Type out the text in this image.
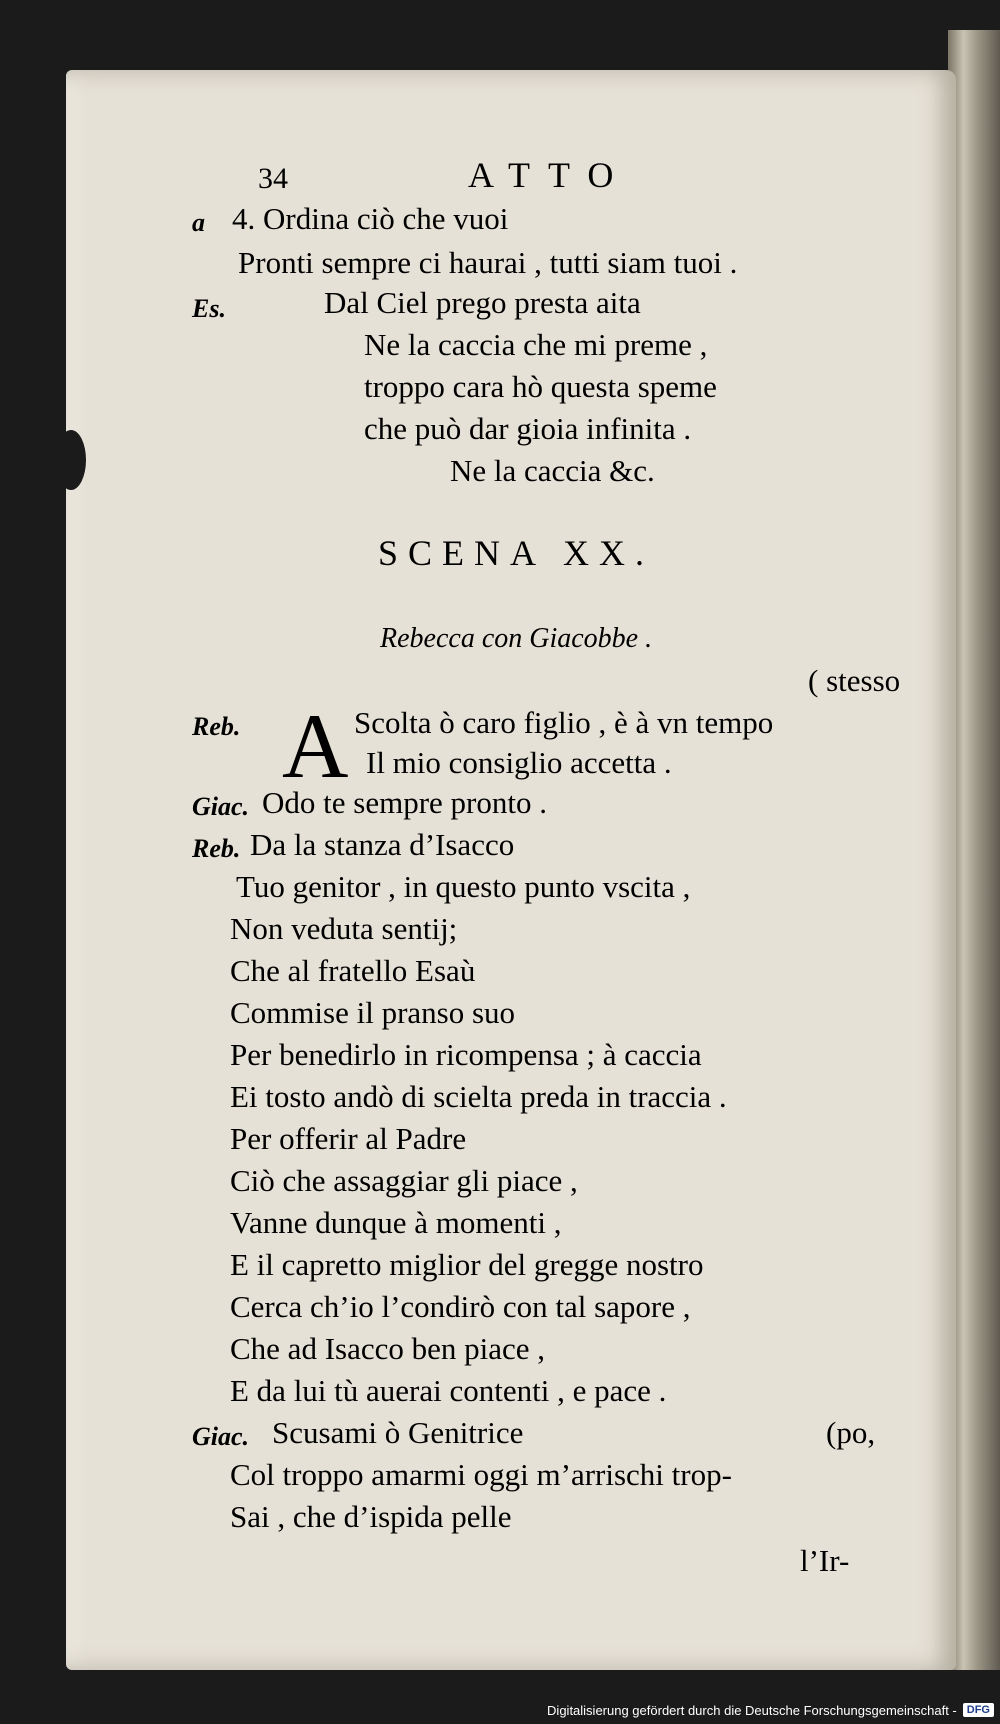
34	ATTO
a 4. Ordina ciò che vuoi
Pronti sempre ci haurai , tutti siam tuoi .
Es.	Dal Ciel prego presta aita
Ne la caccia che mi preme ,
troppo cara hò questa speme
che può dar gioia infinita .
Ne la caccia &c.
SCENA XX.
Rebecca con Giacobbe .
( stesso
Reb. A Scolta ò caro figlio , è à vn tempo
Il mio consiglio accetta .
Giac. Odo te sempre pronto .
Reb. Da la stanza d’Isacco
Tuo genitor , in questo punto vscita ,
Non veduta sentij;
Che al fratello Esaù
Commise il pranso suo
Per benedirlo in ricompensa ; à caccia
Ei tosto andò di scielta preda in traccia .
Per offerir al Padre
Ciò che assaggiar gli piace ,
Vanne dunque à momenti ,
E il capretto miglior del gregge nostro
Cerca ch’io l’condirò con tal sapore ,
Che ad Isacco ben piace ,
E da lui tù auerai contenti , e pace .
Giac. Scusami ò Genitrice	(po,
Col troppo amarmi oggi m’arrischi trop-
Sai , che d’ispida pelle
l’Ir-
Digitalisierung gefördert durch die Deutsche Forschungsgemeinschaft - DFG
